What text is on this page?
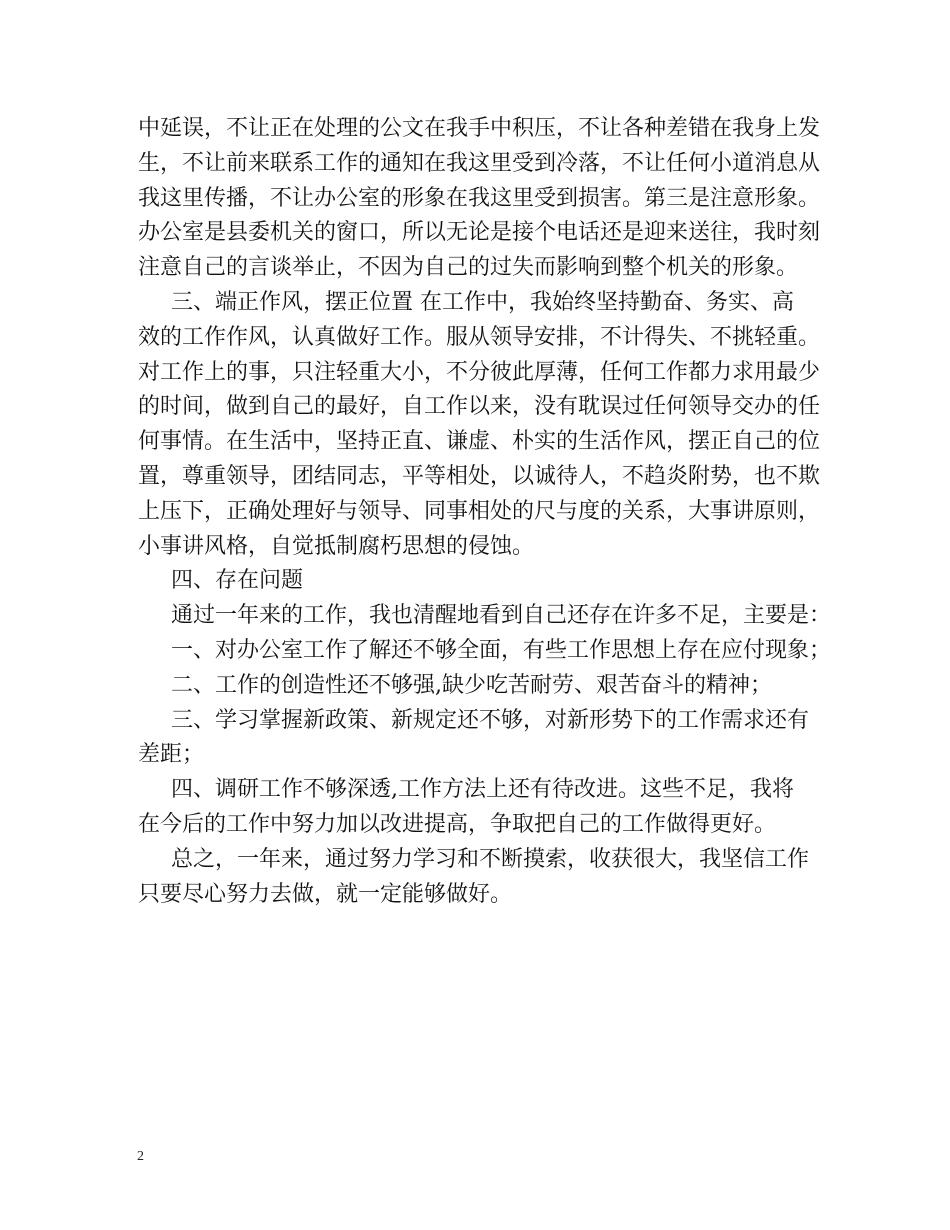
中延误，不让正在处理的公文在我手中积压，不让各种差错在我身上发
生，不让前来联系工作的通知在我这里受到冷落，不让任何小道消息从
我这里传播，不让办公室的形象在我这里受到损害。第三是注意形象。
办公室是县委机关的窗口，所以无论是接个电话还是迎来送往，我时刻
注意自己的言谈举止，不因为自己的过失而影响到整个机关的形象。
三、端正作风，摆正位置 在工作中，我始终坚持勤奋、务实、高
效的工作作风，认真做好工作。服从领导安排，不计得失、不挑轻重。
对工作上的事，只注轻重大小，不分彼此厚薄，任何工作都力求用最少
的时间，做到自己的最好，自工作以来，没有耽误过任何领导交办的任
何事情。在生活中，坚持正直、谦虚、朴实的生活作风，摆正自己的位
置，尊重领导，团结同志，平等相处，以诚待人，不趋炎附势，也不欺
上压下，正确处理好与领导、同事相处的尺与度的关系，大事讲原则，
小事讲风格，自觉抵制腐朽思想的侵蚀。
四、存在问题
通过一年来的工作，我也清醒地看到自己还存在许多不足，主要是：
一、对办公室工作了解还不够全面，有些工作思想上存在应付现象；
二、工作的创造性还不够强,缺少吃苦耐劳、艰苦奋斗的精神；
三、学习掌握新政策、新规定还不够，对新形势下的工作需求还有
差距；
四、调研工作不够深透,工作方法上还有待改进。这些不足，我将
在今后的工作中努力加以改进提高，争取把自己的工作做得更好。
总之，一年来，通过努力学习和不断摸索，收获很大，我坚信工作
只要尽心努力去做，就一定能够做好。
2
